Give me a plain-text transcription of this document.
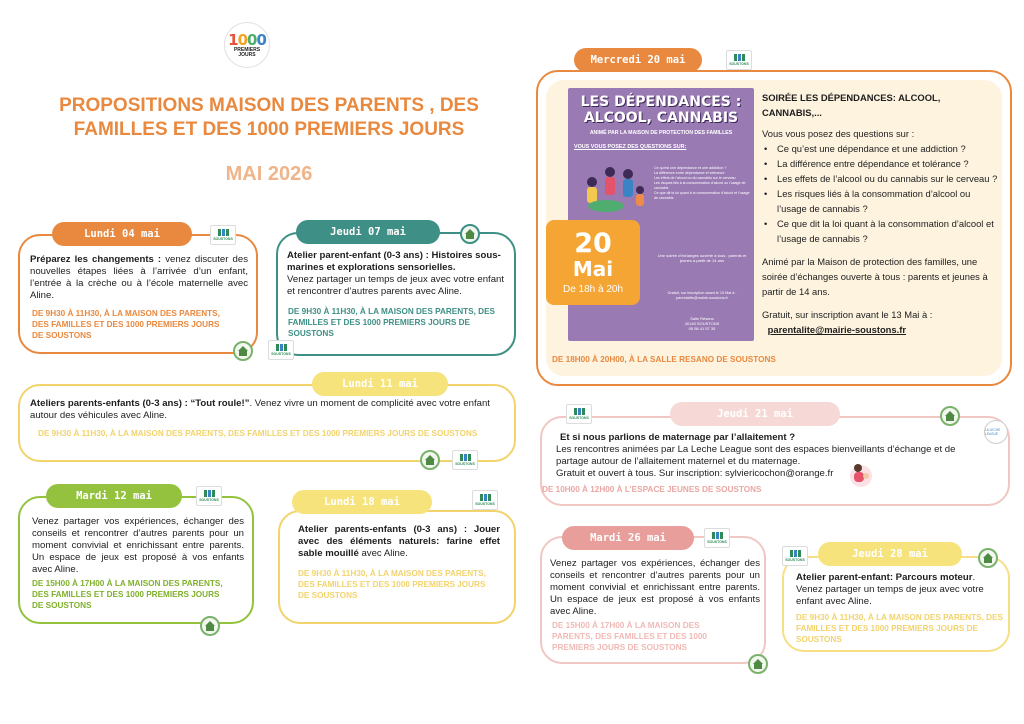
1000
PREMIERS
JOURS
PROPOSITIONS MAISON DES PARENTS , DES FAMILLES ET DES 1000 PREMIERS JOURS
MAI 2026
Préparez les changements : venez discuter des nouvelles étapes liées à l’arrivée d’un enfant, l’entrée à la crèche ou à l’école maternelle avec Aline.
DE 9H30 À 11H30, À LA MAISON DES PARENTS, DES FAMILLES ET DES 1000 PREMIERS JOURS DE SOUSTONS
Lundi 04 mai	SOUSTONS
Atelier parent-enfant (0-3 ans) : Histoires sous-marines et explorations sensorielles.
Venez partager un temps de jeux avec votre enfant et rencontrer d’autres parents avec Aline.
DE 9H30 À 11H30, À LA MAISON DES PARENTS, DES FAMILLES ET DES 1000 PREMIERS JOURS DE SOUSTONS
Jeudi 07 mai
SOUSTONS
Ateliers parents-enfants (0-3 ans) : “Tout roule!”. Venez vivre un moment de complicité avec votre enfant autour des véhicules avec Aline.
DE 9H30 À 11H30, À LA MAISON DES PARENTS, DES FAMILLES ET DES 1000 PREMIERS JOURS DE SOUSTONS
Lundi 11 mai
SOUSTONS
Venez partager vos expériences, échanger des conseils et rencontrer d’autres parents pour un moment convivial et enrichissant entre parents. Un espace de jeux est proposé à vos enfants avec Aline.
DE 15H00 À 17H00 À LA MAISON DES PARENTS, DES FAMILLES ET DES 1000 PREMIERS JOURS DE SOUSTONS
Mardi 12 mai	SOUSTONS
Atelier parents-enfants (0-3 ans) : Jouer avec des éléments naturels: farine effet sable mouillé avec Aline.
DE 9H30 À 11H30, À LA MAISON DES PARENTS, DES FAMILLES ET DES 1000 PREMIERS JOURS DE SOUSTONS
Lundi 18 mai	SOUSTONS
Mercredi 20 mai	SOUSTONS
LES DÉPENDANCES :
ALCOOL, CANNABIS
ANIMÉ PAR LA MAISON DE PROTECTION DES FAMILLES
VOUS VOUS POSEZ DES QUESTIONS SUR:
Ce qu’est une dépendance et une addiction ?
La différence entre dépendance et tolérance
Les effets de l’alcool ou du cannabis sur le cerveau
Les risques liés à la consommation d’alcool ou l’usage de cannabis
Ce que dit la loi quant à la consommation d’alcool et l’usage de cannabis
Une soirée d’échanges ouverte à tous : parents et jeunes à partir de 14 ans
Gratuit, sur inscription avant le 13 Mai à : parentalite@mairie-soustons.fr
Salle Résano
40140 SOUSTONS
05 58 41 57 35
20
Mai
De 18h à 20h
SOIRÉE LES DÉPENDANCES: ALCOOL, CANNABIS,...
Vous vous posez des questions sur :
• Ce qu’est une dépendance et une addiction ?
• La différence entre dépendance et tolérance ?
• Les effets de l’alcool ou du cannabis sur le cerveau ?
• Les risques liés à la consommation d’alcool ou l’usage de cannabis ?
• Ce que dit la loi quant à la consommation d’alcool et l’usage de cannabis ?
Animé par la Maison de protection des familles, une soirée d’échanges ouverte à tous : parents et jeunes à partir de 14 ans.
Gratuit, sur inscription avant le 13 Mai à :
parentalite@mairie-soustons.fr
DE 18H00 À 20H00, À LA SALLE RESANO DE SOUSTONS
Et si nous parlions de maternage par l’allaitement ?
Les rencontres animées par La Leche League sont des espaces bienveillants d’échange et de partage autour de l’allaitement maternel et du maternage.
Gratuit et ouvert à tous. Sur inscription: sylviericochon@orange.fr
DE 10H00 À 12H00 À L’ESPACE JEUNES DE SOUSTONS
Jeudi 21 mai
SOUSTONS
LA LECHE LEAGUE
Venez partager vos expériences, échanger des conseils et rencontrer d’autres parents pour un moment convivial et enrichissant entre parents. Un espace de jeux est proposé à vos enfants avec Aline.
DE 15H00 À 17H00 À LA MAISON DES PARENTS, DES FAMILLES ET DES 1000 PREMIERS JOURS DE SOUSTONS
Mardi 26 mai	SOUSTONS
Atelier parent-enfant: Parcours moteur. Venez partager un temps de jeux avec votre enfant avec Aline.
DE 9H30 À 11H30, À LA MAISON DES PARENTS, DES FAMILLES ET DES 1000 PREMIERS JOURS DE SOUSTONS
Jeudi 28 mai
SOUSTONS
